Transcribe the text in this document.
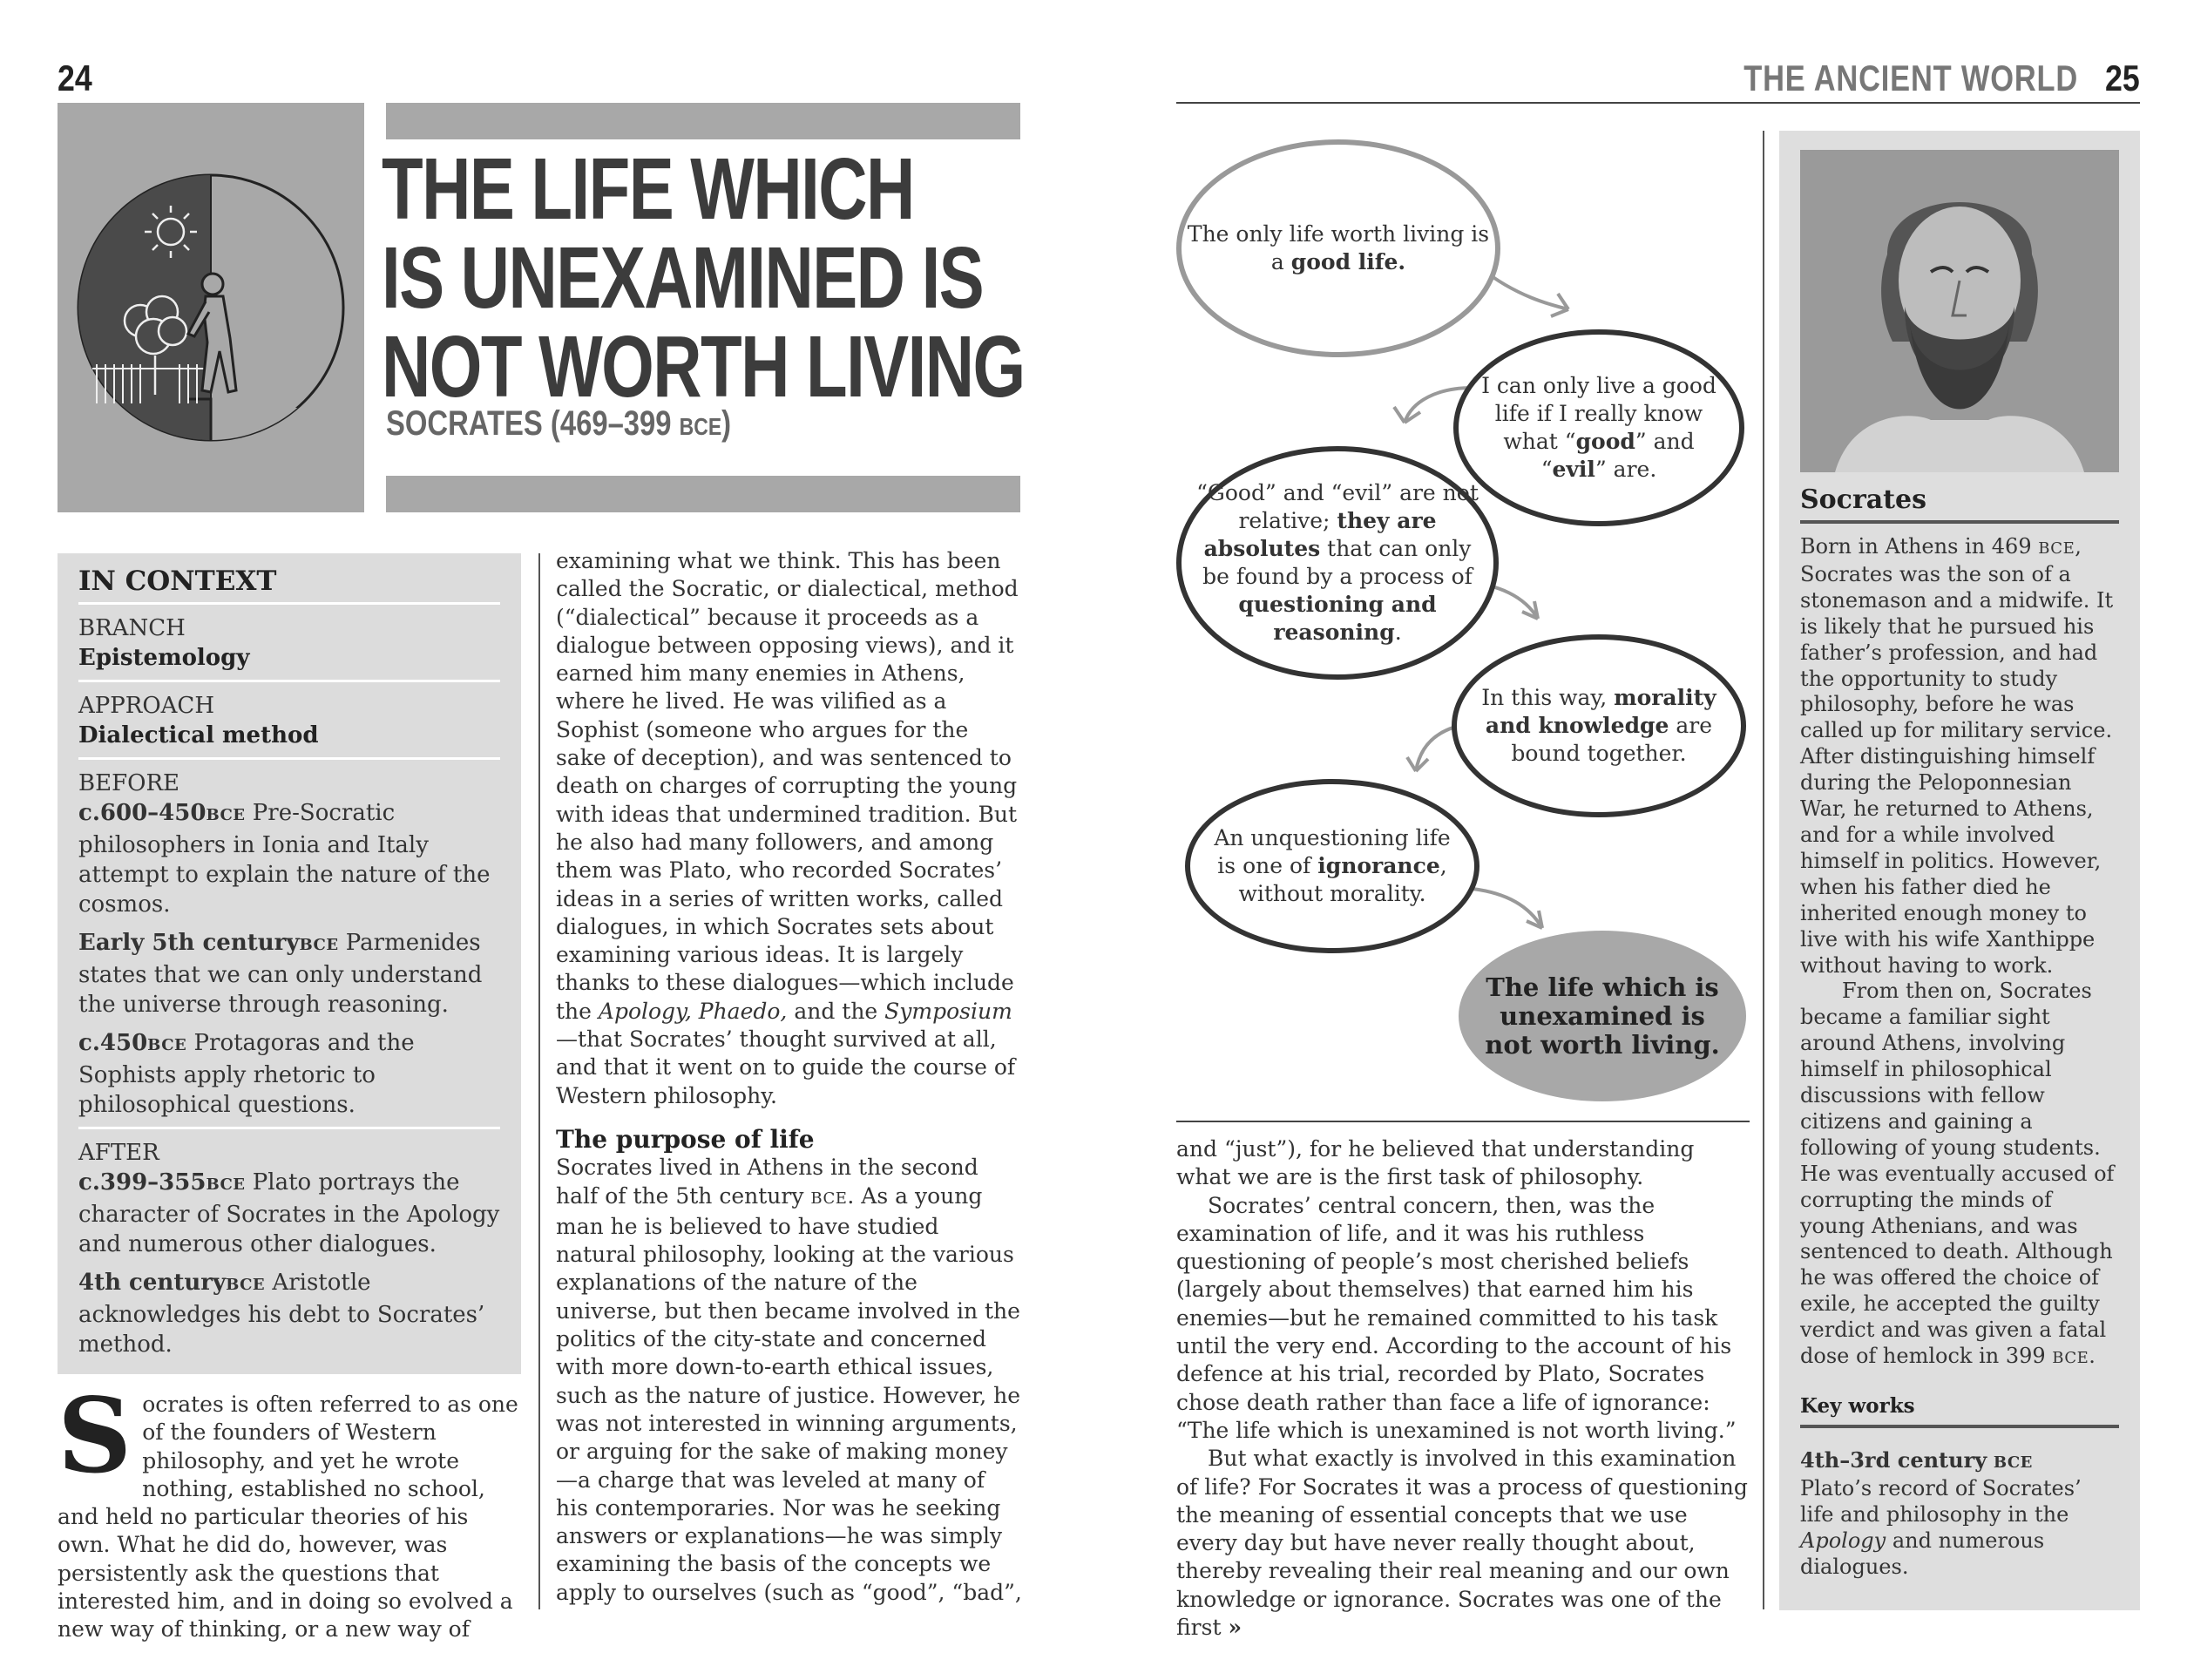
24
THE LIFE WHICH
IS UNEXAMINED IS
NOT WORTH LIVING
SOCRATES (469–399 BCE)
IN CONTEXT
BRANCH
Epistemology
APPROACH
Dialectical method
BEFORE
c.600–450BCE Pre-Socratic philosophers in Ionia and Italy attempt to explain the nature of the cosmos.
Early 5th centuryBCE Parmenides states that we can only understand the universe through reasoning.
c.450BCE Protagoras and the Sophists apply rhetoric to philosophical questions.
AFTER
c.399–355BCE Plato portrays the character of Socrates in the Apology and numerous other dialogues.
4th centuryBCE Aristotle acknowledges his debt to Socrates’ method.
Socrates is often referred to as one of the founders of Western philosophy, and yet he wrote nothing, established no school, and held no particular theories of his own. What he did do, however, was persistently ask the questions that interested him, and in doing so evolved a new way of thinking, or a new way of

examining what we think. This has been called the Socratic, or dialectical, method (“dialectical” because it proceeds as a dialogue between opposing views), and it earned him many enemies in Athens, where he lived. He was vilified as a Sophist (someone who argues for the sake of deception), and was sentenced to death on charges of corrupting the young with ideas that undermined tradition. But he also had many followers, and among them was Plato, who recorded Socrates’ ideas in a series of written works, called dialogues, in which Socrates sets about examining various ideas. It is largely thanks to these dialogues—which include the Apology, Phaedo, and the Symposium—that Socrates’ thought survived at all, and that it went on to guide the course of Western philosophy.

The purpose of life

Socrates lived in Athens in the second half of the 5th century BCE. As a young man he is believed to have studied natural philosophy, looking at the various explanations of the nature of the universe, but then became involved in the politics of the city-state and concerned with more down-to-earth ethical issues, such as the nature of justice. However, he was not interested in winning arguments, or arguing for the sake of making money—a charge that was leveled at many of his contemporaries. Nor was he seeking answers or explanations—he was simply examining the basis of the concepts we apply to ourselves (such as “good”, “bad”,

THE ANCIENT WORLD 25
The only life worth living is a good life.
I can only live a good life if I really know what “good” and “evil” are.
“Good” and “evil” are not relative; they are absolutes that can only be found by a process of questioning and reasoning.
In this way, morality and knowledge are bound together.
An unquestioning life is one of ignorance, without morality.
The life which is unexamined is not worth living.

and “just”), for he believed that understanding what we are is the first task of philosophy.

Socrates’ central concern, then, was the examination of life, and it was his ruthless questioning of people’s most cherished beliefs (largely about themselves) that earned him his enemies—but he remained committed to his task until the very end. According to the account of his defence at his trial, recorded by Plato, Socrates chose death rather than face a life of ignorance: “The life which is unexamined is not worth living.”

But what exactly is involved in this examination of life? For Socrates it was a process of questioning the meaning of essential concepts that we use every day but have never really thought about, thereby revealing their real meaning and our own knowledge or ignorance. Socrates was one of the first »

Socrates

Born in Athens in 469 BCE, Socrates was the son of a stonemason and a midwife. It is likely that he pursued his father’s profession, and had the opportunity to study philosophy, before he was called up for military service. After distinguishing himself during the Peloponnesian War, he returned to Athens, and for a while involved himself in politics. However, when his father died he inherited enough money to live with his wife Xanthippe without having to work.

From then on, Socrates became a familiar sight around Athens, involving himself in philosophical discussions with fellow citizens and gaining a following of young students. He was eventually accused of corrupting the minds of young Athenians, and was sentenced to death. Although he was offered the choice of exile, he accepted the guilty verdict and was given a fatal dose of hemlock in 399 BCE.

Key works
4th–3rd century BCE
Plato’s record of Socrates’ life and philosophy in the Apology and numerous dialogues.
